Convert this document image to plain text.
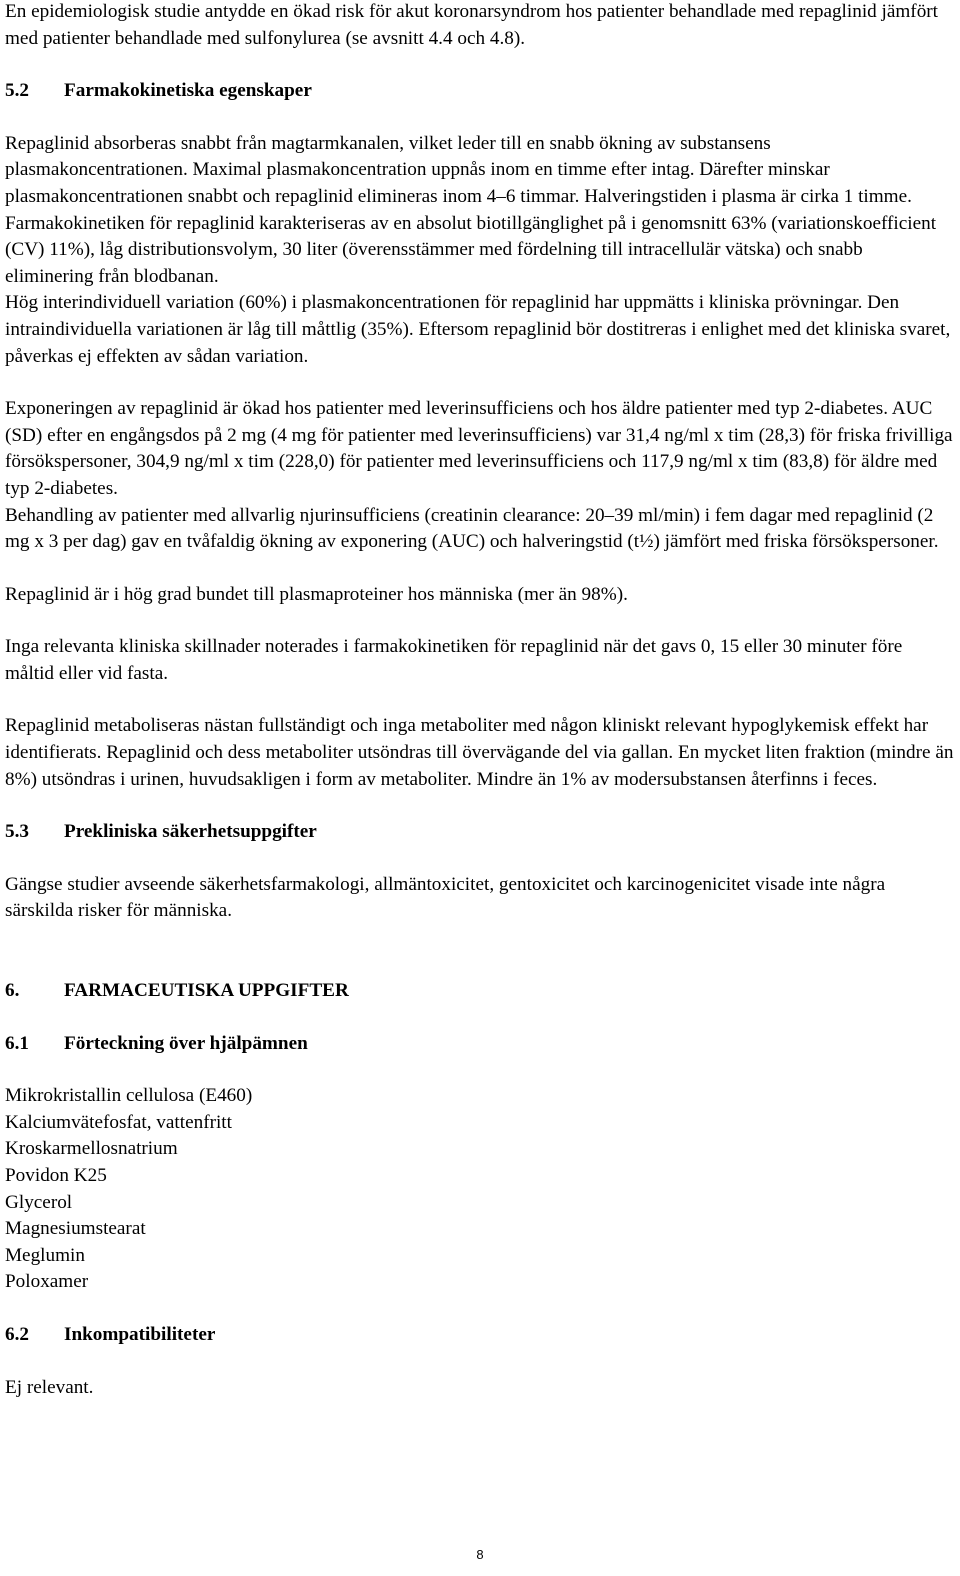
En epidemiologisk studie antydde en ökad risk för akut koronarsyndrom hos patienter behandlade med repaglinid jämfört med patienter behandlade med sulfonylurea (se avsnitt 4.4 och 4.8).

5.2	Farmakokinetiska egenskaper

Repaglinid absorberas snabbt från magtarmkanalen, vilket leder till en snabb ökning av substansens plasmakoncentrationen. Maximal plasmakoncentration uppnås inom en timme efter intag. Därefter minskar plasmakoncentrationen snabbt och repaglinid elimineras inom 4–6 timmar. Halveringstiden i plasma är cirka 1 timme.

Farmakokinetiken för repaglinid karakteriseras av en absolut biotillgänglighet på i genomsnitt 63% (variationskoefficient (CV) 11%), låg distributionsvolym, 30 liter (överensstämmer med fördelning till intracellulär vätska) och snabb eliminering från blodbanan.

Hög interindividuell variation (60%) i plasmakoncentrationen för repaglinid har uppmätts i kliniska prövningar. Den intraindividuella variationen är låg till måttlig (35%). Eftersom repaglinid bör dostitreras i enlighet med det kliniska svaret, påverkas ej effekten av sådan variation.

Exponeringen av repaglinid är ökad hos patienter med leverinsufficiens och hos äldre patienter med typ 2-diabetes. AUC (SD) efter en engångsdos på 2 mg (4 mg för patienter med leverinsufficiens) var 31,4 ng/ml x tim (28,3) för friska frivilliga försökspersoner, 304,9 ng/ml x tim (228,0) för patienter med leverinsufficiens och 117,9 ng/ml x tim (83,8) för äldre med typ 2-diabetes.

Behandling av patienter med allvarlig njurinsufficiens (creatinin clearance: 20–39 ml/min) i fem dagar med repaglinid (2 mg x 3 per dag) gav en tvåfaldig ökning av exponering (AUC) och halveringstid (t½) jämfört med friska försökspersoner.

Repaglinid är i hög grad bundet till plasmaproteiner hos människa (mer än 98%).

Inga relevanta kliniska skillnader noterades i farmakokinetiken för repaglinid när det gavs 0, 15 eller 30 minuter före måltid eller vid fasta.

Repaglinid metaboliseras nästan fullständigt och inga metaboliter med någon kliniskt relevant hypoglykemisk effekt har identifierats. Repaglinid och dess metaboliter utsöndras till övervägande del via gallan. En mycket liten fraktion (mindre än 8%) utsöndras i urinen, huvudsakligen i form av metaboliter. Mindre än 1% av modersubstansen återfinns i feces.

5.3	Prekliniska säkerhetsuppgifter

Gängse studier avseende säkerhetsfarmakologi, allmäntoxicitet, gentoxicitet och karcinogenicitet visade inte några särskilda risker för människa.

6.	FARMACEUTISKA UPPGIFTER
6.1	Förteckning över hjälpämnen

Mikrokristallin cellulosa (E460)

Kalciumvätefosfat, vattenfritt

Kroskarmellosnatrium

Povidon K25

Glycerol

Magnesiumstearat

Meglumin

Poloxamer

6.2	Inkompatibiliteter

Ej relevant.

8
